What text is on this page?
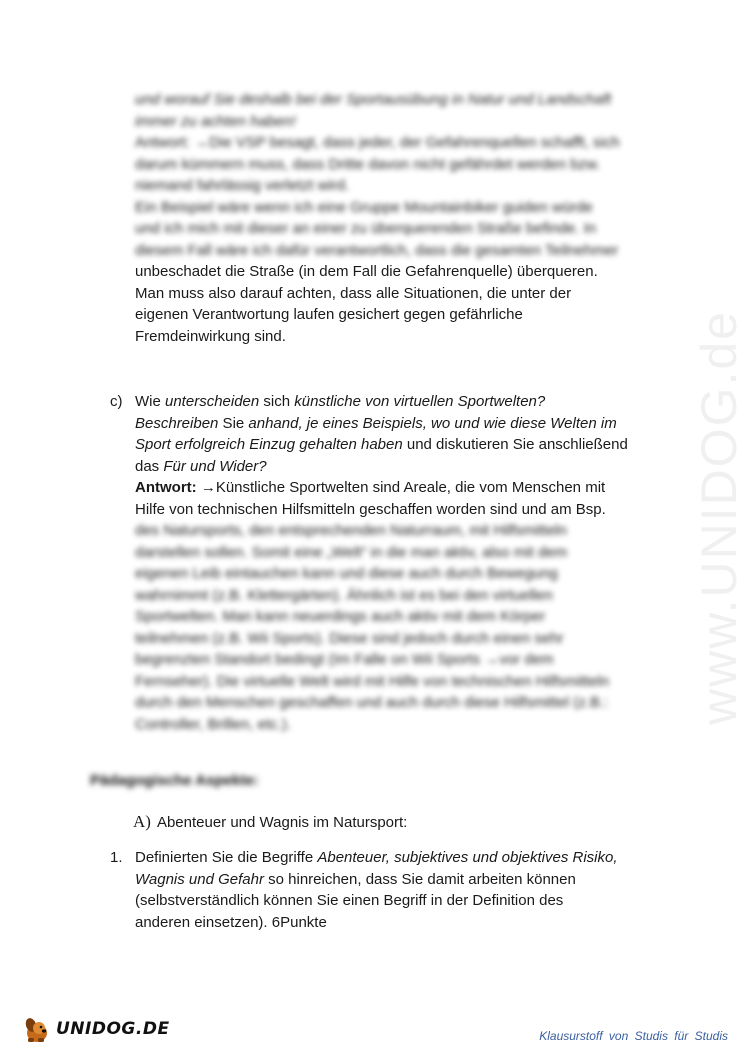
www.UNIDOG.de
und worauf Sie deshalb bei der Sportausübung in Natur und Landschaft
immer zu achten haben!
Antwort: →Die VSP besagt, dass jeder, der Gefahrenquellen schafft, sich
darum kümmern muss, dass Dritte davon nicht gefährdet werden bzw.
niemand fahrlässig verletzt wird.
Ein Beispiel wäre wenn ich eine Gruppe Mountainbiker guiden würde
und ich mich mit dieser an einer zu überquerenden Straße befinde. In
diesem Fall wäre ich dafür verantwortlich, dass die gesamten Teilnehmer
unbeschadet die Straße (in dem Fall die Gefahrenquelle) überqueren.
Man muss also darauf achten, dass alle Situationen, die unter der
eigenen Verantwortung laufen gesichert gegen gefährliche
Fremdeinwirkung sind.
c) Wie unterscheiden sich künstliche von virtuellen Sportwelten?
Beschreiben Sie anhand, je eines Beispiels, wo und wie diese Welten im
Sport erfolgreich Einzug gehalten haben und diskutieren Sie anschließend
das Für und Wider?
Antwort: →Künstliche Sportwelten sind Areale, die vom Menschen mit
Hilfe von technischen Hilfsmitteln geschaffen worden sind und am Bsp.
des Natursports, den entsprechenden Naturraum, mit Hilfsmitteln
darstellen sollen. Somit eine „Welt“ in die man aktiv, also mit dem
eigenen Leib eintauchen kann und diese auch durch Bewegung
wahrnimmt (z.B. Klettergärten). Ähnlich ist es bei den virtuellen
Sportwelten. Man kann neuerdings auch aktiv mit dem Körper
teilnehmen (z.B. Wii Sports). Diese sind jedoch durch einen sehr
begrenzten Standort bedingt (Im Falle on Wii Sports →vor dem
Fernseher). Die virtuelle Welt wird mit Hilfe von technischen Hilfsmitteln
durch den Menschen geschaffen und auch durch diese Hilfsmittel (z.B.:
Controller, Brillen, etc.).
Pädagogische Aspekte:
A) Abenteuer und Wagnis im Natursport:
1. Definierten Sie die Begriffe Abenteuer, subjektives und objektives Risiko,
Wagnis und Gefahr so hinreichen, dass Sie damit arbeiten können
(selbstverständlich können Sie einen Begriff in der Definition des
anderen einsetzen). 6Punkte
UNIDOG.DE	Klausurstoff von Studis für Studis
